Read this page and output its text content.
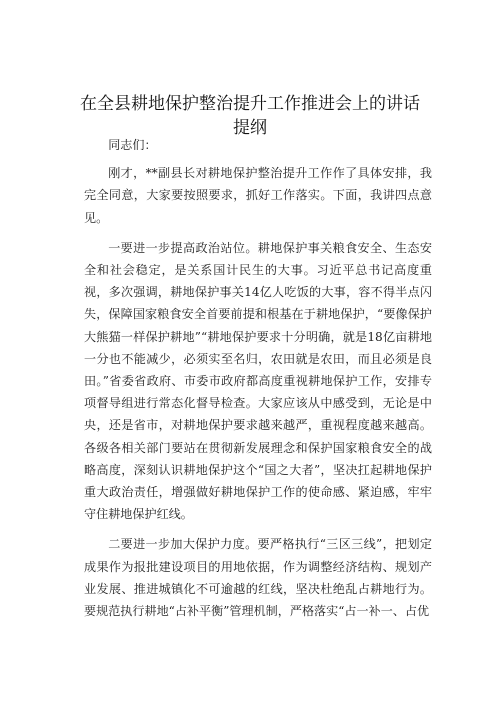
在全县耕地保护整治提升工作推进会上的讲话
提纲

同志们：

刚才，**副县长对耕地保护整治提升工作作了具体安排，我完全同意，大家要按照要求，抓好工作落实。下面，我讲四点意见。

一要进一步提高政治站位。耕地保护事关粮食安全、生态安全和社会稳定，是关系国计民生的大事。习近平总书记高度重视，多次强调，耕地保护事关14亿人吃饭的大事，容不得半点闪失，保障国家粮食安全首要前提和根基在于耕地保护，“要像保护大熊猫一样保护耕地”“耕地保护要求十分明确，就是18亿亩耕地一分也不能减少，必须实至名归，农田就是农田，而且必须是良田。”省委省政府、市委市政府都高度重视耕地保护工作，安排专项督导组进行常态化督导检查。大家应该从中感受到，无论是中央，还是省市，对耕地保护要求越来越严，重视程度越来越高。各级各相关部门要站在贯彻新发展理念和保护国家粮食安全的战略高度，深刻认识耕地保护这个“国之大者”，坚决扛起耕地保护重大政治责任，增强做好耕地保护工作的使命感、紧迫感，牢牢守住耕地保护红线。

二要进一步加大保护力度。要严格执行“三区三线”，把划定成果作为报批建设项目的用地依据，作为调整经济结构、规划产业发展、推进城镇化不可逾越的红线，坚决杜绝乱占耕地行为。要规范执行耕地“占补平衡”管理机制，严格落实“占一补一、占优
